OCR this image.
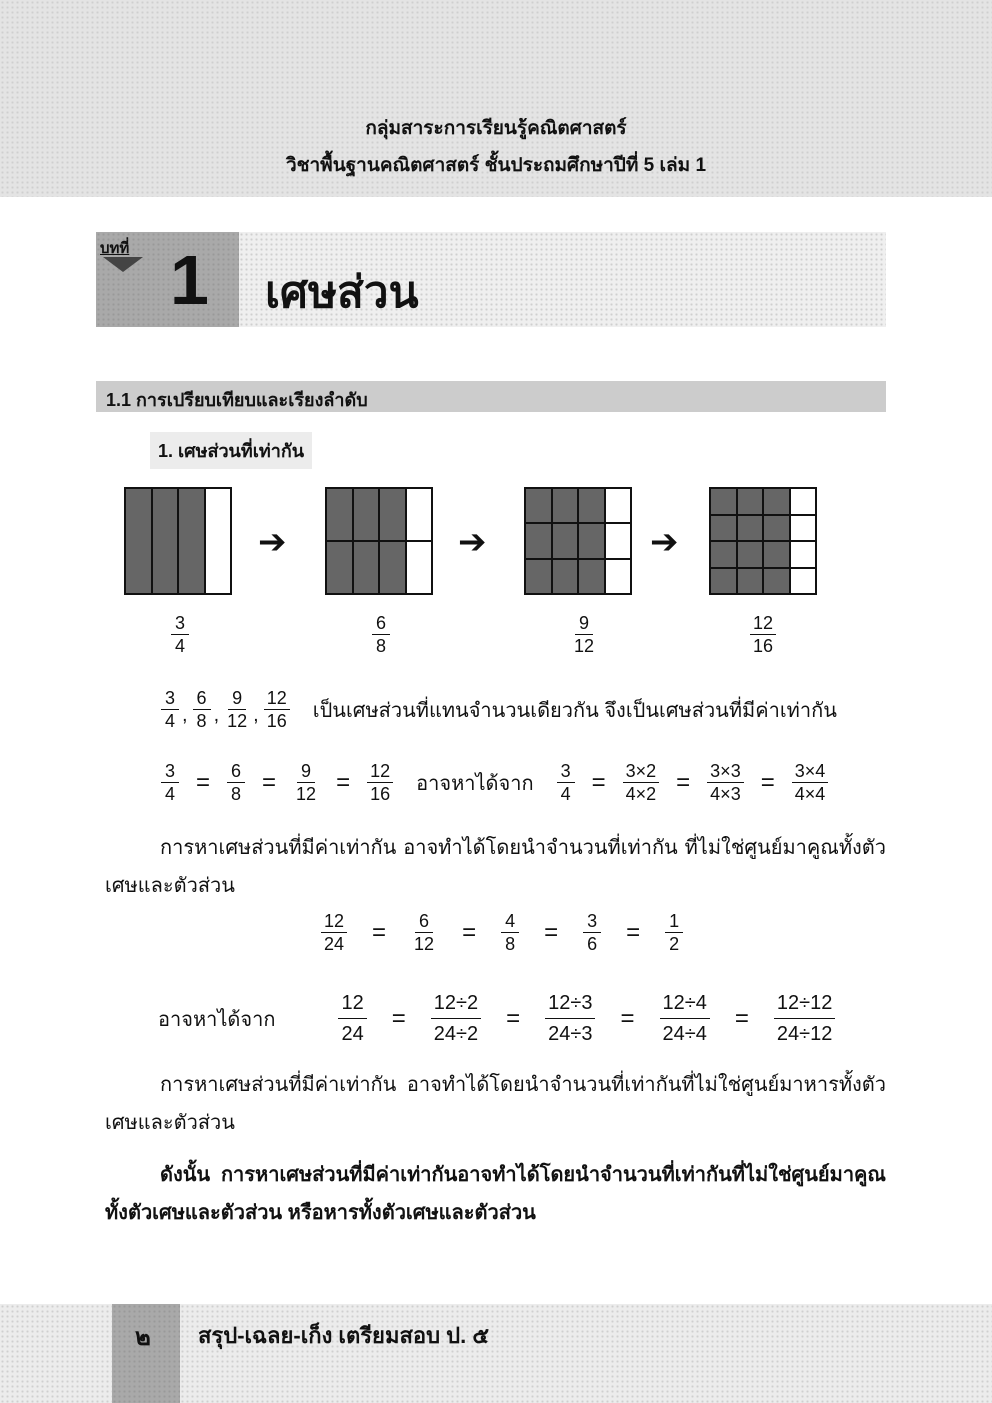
กลุ่มสาระการเรียนรู้คณิตศาสตร์
วิชาพื้นฐานคณิตศาสตร์ ชั้นประถมศึกษาปีที่ 5 เล่ม 1
บทที่ 1 เศษส่วน
1.1 การเปรียบเทียบและเรียงลำดับ
1. เศษส่วนที่เท่ากัน
$\frac{3}{4}$
➔
$\frac{6}{8}$
➔
$\frac{9}{12}$
➔
$\frac{12}{16}$
$\frac{3}{4}$ , $\frac{6}{8}$ , $\frac{9}{12}$ , $\frac{12}{16}$ เป็นเศษส่วนที่แทนจำนวนเดียวกัน จึงเป็นเศษส่วนที่มีค่าเท่ากัน
$\frac{3}{4} = \frac{6}{8} = \frac{9}{12} = \frac{12}{16}$ อาจหาได้จาก $\frac{3}{4} = \frac{3\times 2}{4\times 2} = \frac{3\times 3}{4\times 3} = \frac{3\times 4}{4\times 4}$
การหาเศษส่วนที่มีค่าเท่ากัน อาจทำได้โดยนำจำนวนที่เท่ากัน ที่ไม่ใช่ศูนย์มาคูณทั้งตัวเศษและตัวส่วน
$\frac{12}{24} = \frac{6}{12} = \frac{4}{8} = \frac{3}{6} = \frac{1}{2}$
อาจหาได้จาก	$\frac{12}{24} = \frac{12\div 2}{24\div 2} = \frac{12\div 3}{24\div 3} = \frac{12\div 4}{24\div 4} = \frac{12\div 12}{24\div 12}$
การหาเศษส่วนที่มีค่าเท่ากัน อาจทำได้โดยนำจำนวนที่เท่ากันที่ไม่ใช่ศูนย์มาหารทั้งตัวเศษและตัวส่วน
ดังนั้น การหาเศษส่วนที่มีค่าเท่ากันอาจทำได้โดยนำจำนวนที่เท่ากันที่ไม่ใช่ศูนย์มาคูณทั้งตัวเศษและตัวส่วน หรือหารทั้งตัวเศษและตัวส่วน
๒ สรุป-เฉลย-เก็ง เตรียมสอบ ป. ๕
